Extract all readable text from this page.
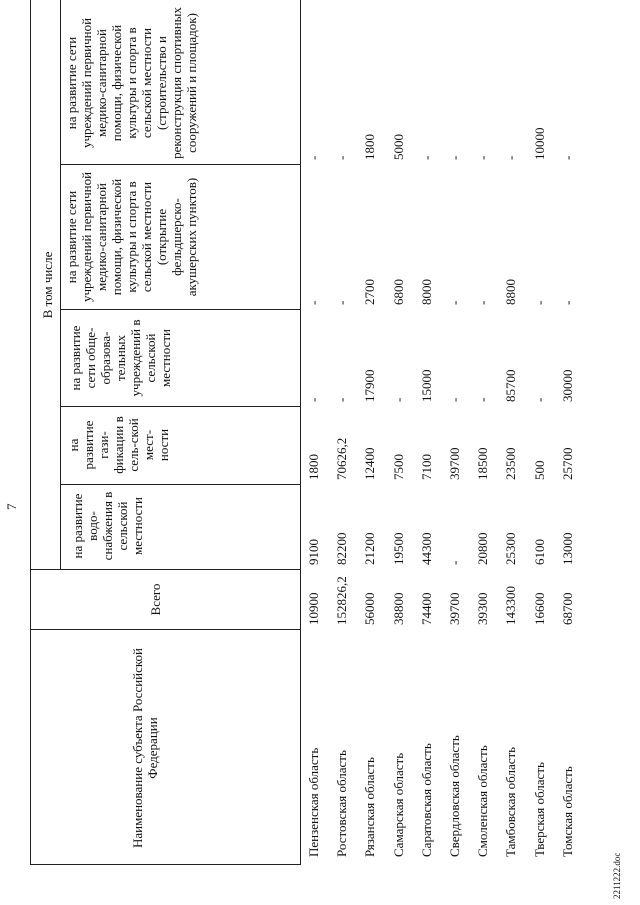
7
2211222.doc
Наименование субъекта Российской Федерации
Всего
В том числе
на развитие водо-снабжения в сельской местности
на развитие гази-фикации в сель-ской мест-ности
на развитие сети обще-образова-тельных учреждений в сельской местности
на развитие сети учреждений первичной медико-санитарной помощи, физической культуры и спорта в сельской местности (открытие фельдшерско-акушерских пунктов)
на развитие сети учреждений первичной медико-санитарной помощи, физической культуры и спорта в сельской местности (строительство и реконструкция спортивных сооружений и площадок)
Пензенская область
10900
9100
1800
-
-
-
Ростовская область
152826,2
82200
70626,2
-
-
-
Рязанская область
56000
21200
12400
17900
2700
1800
Самарская область
38800
19500
7500
-
6800
5000
Саратовская область
74400
44300
7100
15000
8000
-
Свердловская область
39700
-
39700
-
-
-
Смоленская область
39300
20800
18500
-
-
-
Тамбовская область
143300
25300
23500
85700
8800
-
Тверская область
16600
6100
500
-
-
10000
Томская область
68700
13000
25700
30000
-
-
